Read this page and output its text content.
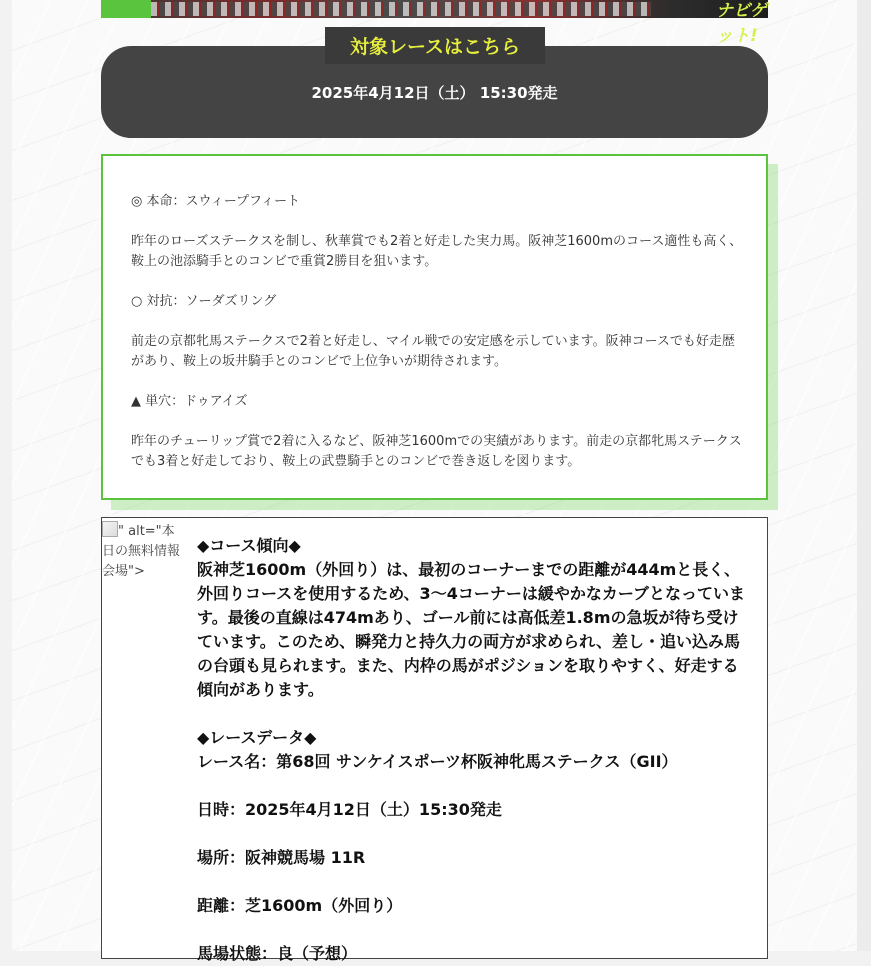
ナビゲット!
対象レースはこちら
2025年4月12日（土） 15:30発走

◎ 本命：スウィープフィート

昨年のローズステークスを制し、秋華賞でも2着と好走した実力馬。阪神芝1600mのコース適性も高く、鞍上の池添騎手とのコンビで重賞2勝目を狙います。

○ 対抗：ソーダズリング

前走の京都牝馬ステークスで2着と好走し、マイル戦での安定感を示しています。阪神コースでも好走歴があり、鞍上の坂井騎手とのコンビで上位争いが期待されます。

▲ 単穴：ドゥアイズ

昨年のチューリップ賞で2着に入るなど、阪神芝1600mでの実績があります。前走の京都牝馬ステークスでも3着と好走しており、鞍上の武豊騎手とのコンビで巻き返しを図ります。

" alt="本日の無料情報会場">

◆コース傾向◆

阪神芝1600m（外回り）は、最初のコーナーまでの距離が444mと長く、外回りコースを使用するため、3～4コーナーは緩やかなカーブとなっています。最後の直線は474mあり、ゴール前には高低差1.8mの急坂が待ち受けています。このため、瞬発力と持久力の両方が求められ、差し・追い込み馬の台頭も見られます。また、内枠の馬がポジションを取りやすく、好走する傾向があります。

◆レースデータ◆

レース名：第68回 サンケイスポーツ杯阪神牝馬ステークス（GII）

日時：2025年4月12日（土）15:30発走

場所：阪神競馬場 11R

距離：芝1600m（外回り）

馬場状態：良（予想）
